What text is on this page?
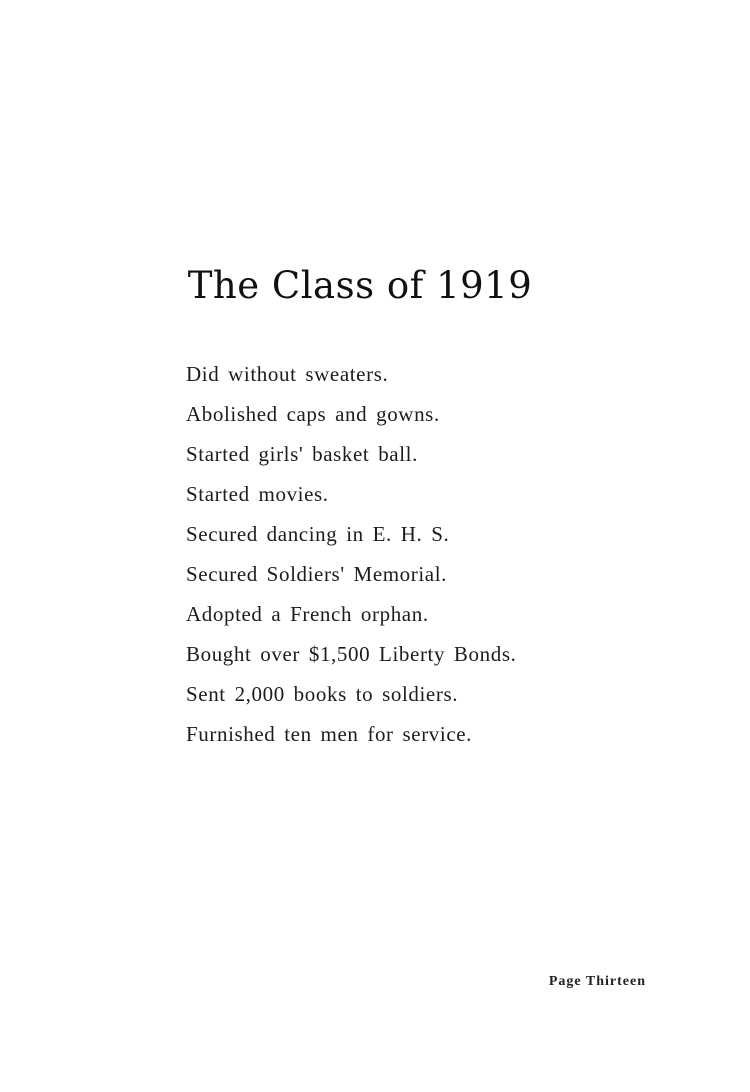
The Class of 1919
Did without sweaters.
Abolished caps and gowns.
Started girls' basket ball.
Started movies.
Secured dancing in E. H. S.
Secured Soldiers' Memorial.
Adopted a French orphan.
Bought over $1,500 Liberty Bonds.
Sent 2,000 books to soldiers.
Furnished ten men for service.
Page Thirteen
